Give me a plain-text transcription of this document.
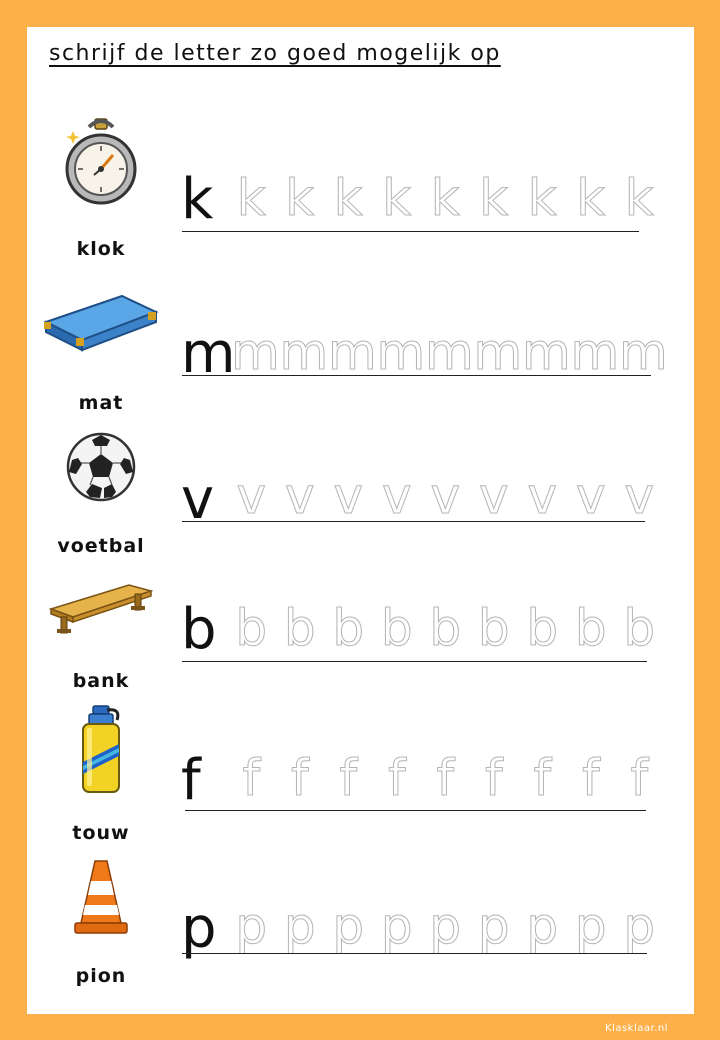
schrijf de letter zo goed mogelijk op
klok
k k k k k k k k k k
mat
m
m m m m m m m m m
voetbal
v v v v v v v v v v
bank
b b b b b b b b b b
touw
f f f f f f f f f f
pion
p p p p p p p p p p
Klasklaar.nl
